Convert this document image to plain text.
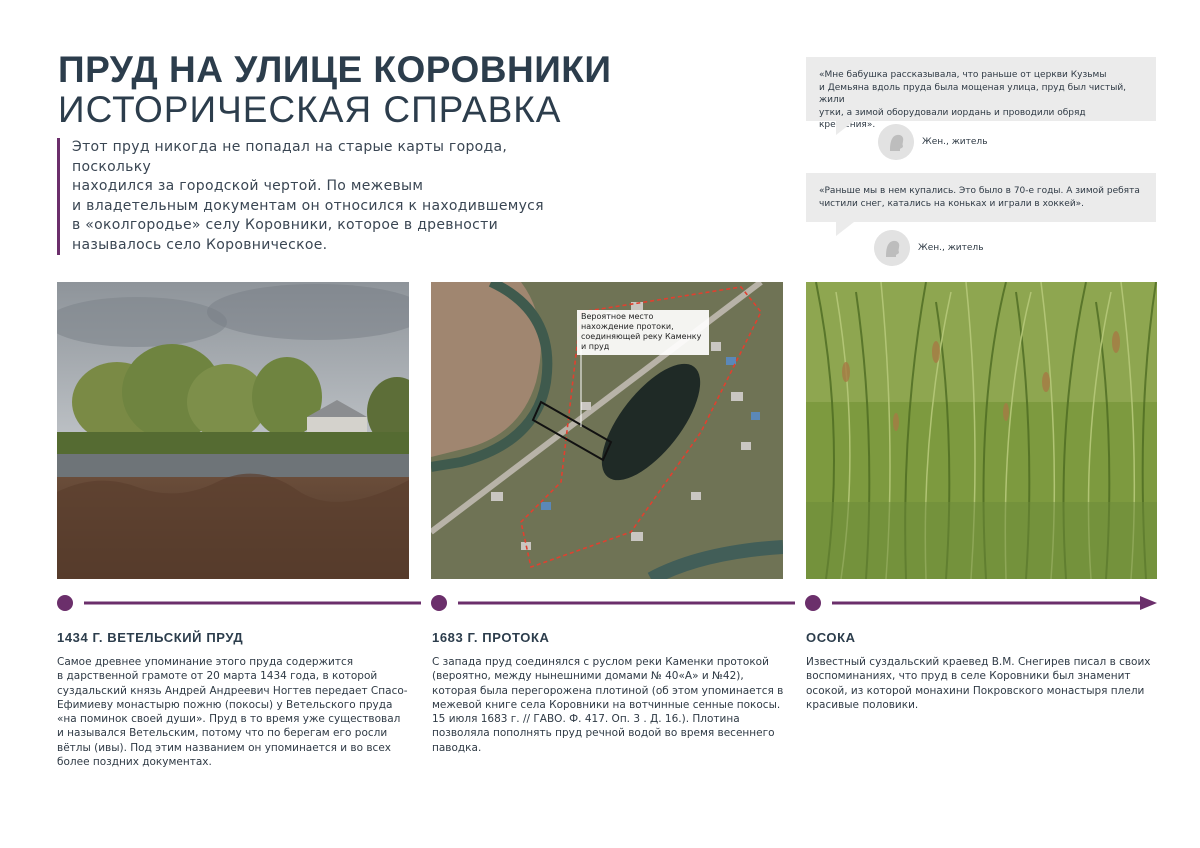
ПРУД НА УЛИЦЕ КОРОВНИКИ
ИСТОРИЧЕСКАЯ СПРАВКА

Этот пруд никогда не попадал на старые карты города, поскольку
находился за городской чертой. По межевым
и владетельным документам он относился к находившемуся
в «околгородье» селу Коровники, которое в древности
называлось село Коровническое.

«Мне бабушка рассказывала, что раньше от церкви Кузьмы
и Демьяна вдоль пруда была мощеная улица, пруд был чистый, жили
утки, а зимой оборудовали иордань и проводили обряд крещения».
Жен., житель
«Раньше мы в нем купались. Это было в 70-е годы. А зимой ребята
чистили снег, катались на коньках и играли в хоккей».
Жен., житель
Вероятное место нахождение протоки, соединяющей реку Каменку и пруд
1434 Г. ВЕТЕЛЬСКИЙ ПРУД
Самое древнее упоминание этого пруда содержится
в дарственной грамоте от 20 марта 1434 года, в которой
суздальский князь Андрей Андреевич Ногтев передает Спасо-
Ефимиеву монастырю пожню (покосы) у Ветельского пруда
«на поминок своей души». Пруд в то время уже существовал
и назывался Ветельским, потому что по берегам его росли
вётлы (ивы). Под этим названием он упоминается и во всех
более поздних документах.
1683 Г. ПРОТОКА
С запада пруд соединялся с руслом реки Каменки протокой
(вероятно, между нынешними домами № 40«А» и №42),
которая была перегорожена плотиной (об этом упоминается в
межевой книге села Коровники на вотчинные сенные покосы.
15 июля 1683 г. // ГАВО. Ф. 417. Оп. 3 . Д. 16.). Плотина
позволяла пополнять пруд речной водой во время весеннего
паводка.
ОСОКА
Известный суздальский краевед В.М. Снегирев писал в своих
воспоминаниях, что пруд в селе Коровники был знаменит
осокой, из которой монахини Покровского монастыря плели
красивые половики.
